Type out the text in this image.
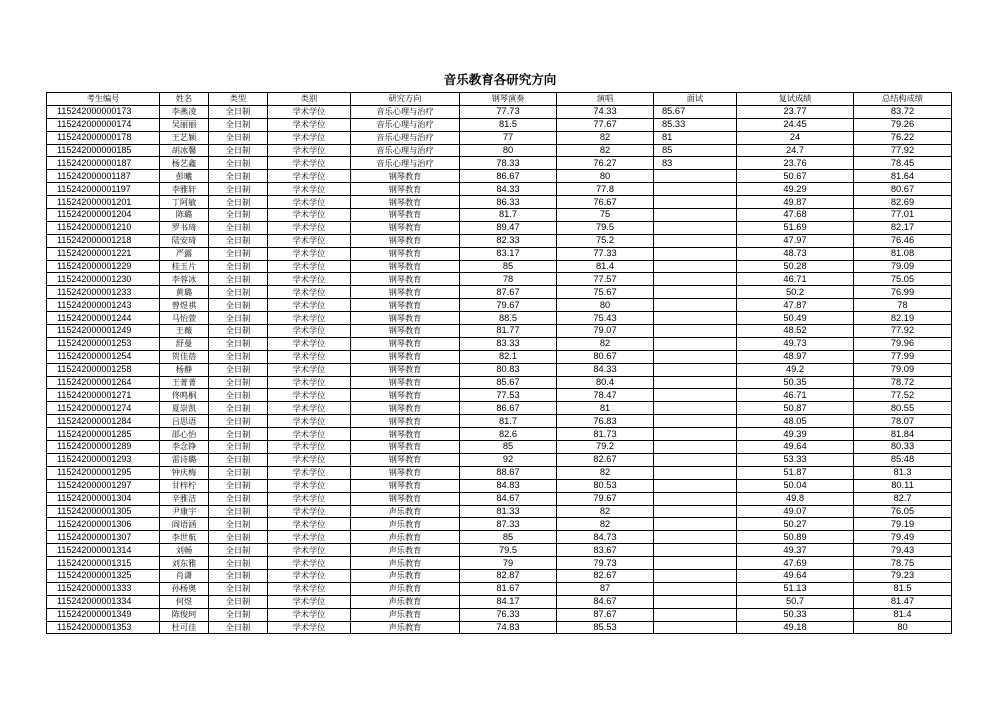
音乐教育各研究方向
考生编号	姓名	类型	类别	研究方向	钢琴演奏	演唱	面试	复试成绩	总结构成绩
115242000000173	李燕凌	全日制	学术学位	音乐心理与治疗	77.73	74.33	85.67	23.77	83.72
115242000000174	吴丽丽	全日制	学术学位	音乐心理与治疗	81.5	77.67	85.33	24.45	79.26
115242000000178	王艺颖	全日制	学术学位	音乐心理与治疗	77	82	81	24	76.22
115242000000185	胡冰馨	全日制	学术学位	音乐心理与治疗	80	82	85	24.7	77.92
115242000000187	杨艺鑫	全日制	学术学位	音乐心理与治疗	78.33	76.27	83	23.76	78.45
115242000001187	彭曦	全日制	学术学位	钢琴教育	86.67	80		50.67	81.64
115242000001197	李雅轩	全日制	学术学位	钢琴教育	84.33	77.8		49.29	80.67
115242000001201	丁阿敏	全日制	学术学位	钢琴教育	86.33	76.67		49.87	82.69
115242000001204	陈璐	全日制	学术学位	钢琴教育	81.7	75		47.68	77.01
115242000001210	罗书琦	全日制	学术学位	钢琴教育	89.47	79.5		51.69	82.17
115242000001218	陆安琦	全日制	学术学位	钢琴教育	82.33	75.2		47.97	76.46
115242000001221	严露	全日制	学术学位	钢琴教育	83.17	77.33		48.73	81.08
115242000001229	桂玉片	全日制	学术学位	钢琴教育	85	81.4		50.28	79.09
115242000001230	李蓉冰	全日制	学术学位	钢琴教育	78	77.57		46.71	75.05
115242000001233	黄璐	全日制	学术学位	钢琴教育	87.67	75.67		50.2	76.99
115242000001243	曾煜祺	全日制	学术学位	钢琴教育	79.67	80		47.87	78
115242000001244	马怡萱	全日制	学术学位	钢琴教育	88.5	75.43		50.49	82.19
115242000001249	王薇	全日制	学术学位	钢琴教育	81.77	79.07		48.52	77.92
115242000001253	舒曼	全日制	学术学位	钢琴教育	83.33	82		49.73	79.96
115242000001254	贺佳蓓	全日制	学术学位	钢琴教育	82.1	80.67		48.97	77.99
115242000001258	杨静	全日制	学术学位	钢琴教育	80.83	84.33		49.2	79.09
115242000001264	王菁菁	全日制	学术学位	钢琴教育	85.67	80.4		50.35	78.72
115242000001271	佟鸣桐	全日制	学术学位	钢琴教育	77.53	78.47		46.71	77.52
115242000001274	夏崇凯	全日制	学术学位	钢琴教育	86.67	81		50.87	80.55
115242000001284	吕思语	全日制	学术学位	钢琴教育	81.7	76.83		48.05	78.07
115242000001285	邵心怡	全日制	学术学位	钢琴教育	82.6	81.73		49.39	81.84
115242000001289	李念铮	全日制	学术学位	钢琴教育	85	79.2		49.64	80.33
115242000001293	雷诗璐	全日制	学术学位	钢琴教育	92	82.67		53.33	85.48
115242000001295	钟庆梅	全日制	学术学位	钢琴教育	88.67	82		51.87	81.3
115242000001297	甘梓柠	全日制	学术学位	钢琴教育	84.83	80.53		50.04	80.11
115242000001304	辛雅洁	全日制	学术学位	钢琴教育	84.67	79.67		49.8	82.7
115242000001305	尹康宇	全日制	学术学位	声乐教育	81.33	82		49.07	76.05
115242000001306	阎语涵	全日制	学术学位	声乐教育	87.33	82		50.27	79.19
115242000001307	李世航	全日制	学术学位	声乐教育	85	84.73		50.89	79.49
115242000001314	刘畅	全日制	学术学位	声乐教育	79.5	83.67		49.37	79.43
115242000001315	刘东雅	全日制	学术学位	声乐教育	79	79.73		47.69	78.75
115242000001325	肖潇	全日制	学术学位	声乐教育	82.87	82.67		49.64	79.23
115242000001333	孙杨奥	全日制	学术学位	声乐教育	81.67	87		51.13	81.5
115242000001334	何煜	全日制	学术学位	声乐教育	84.17	84.67		50.7	81.47
115242000001349	陈俊珂	全日制	学术学位	声乐教育	76.33	87.67		50.33	81.4
115242000001353	杜可佳	全日制	学术学位	声乐教育	74.83	85.53		49.18	80
